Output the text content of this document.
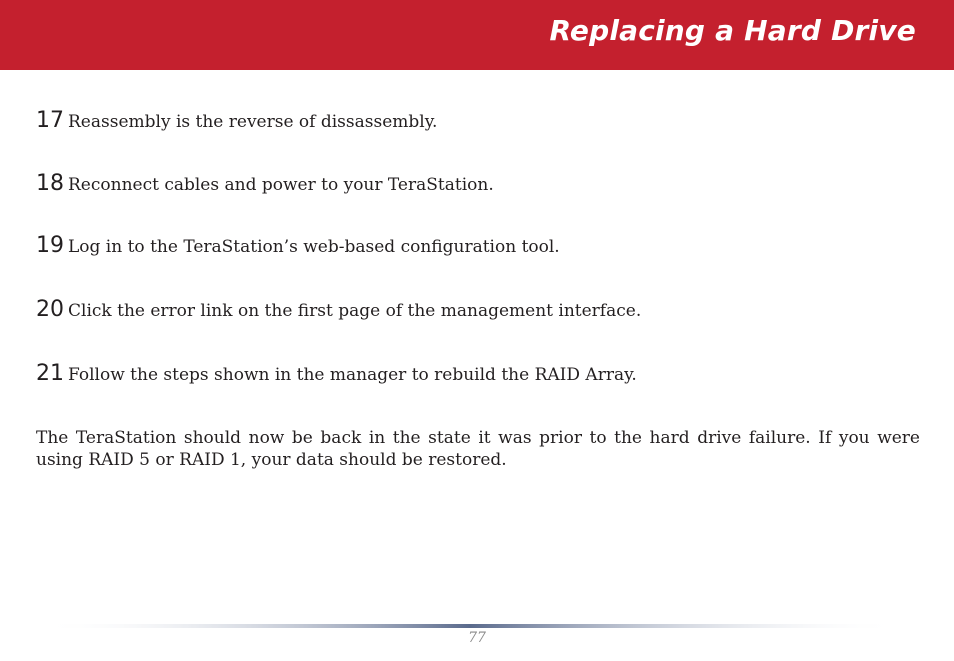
Replacing a Hard Drive
17 Reassembly is the reverse of dissassembly.
18 Reconnect cables and power to your TeraStation.
19 Log in to the TeraStation’s web-based configuration tool.
20 Click the error link on the first page of the management interface.
21 Follow the steps shown in the manager to rebuild the RAID Array.
The TeraStation should now be back in the state it was prior to the hard drive failure. If you were using RAID 5 or RAID 1, your data should be restored.
77
